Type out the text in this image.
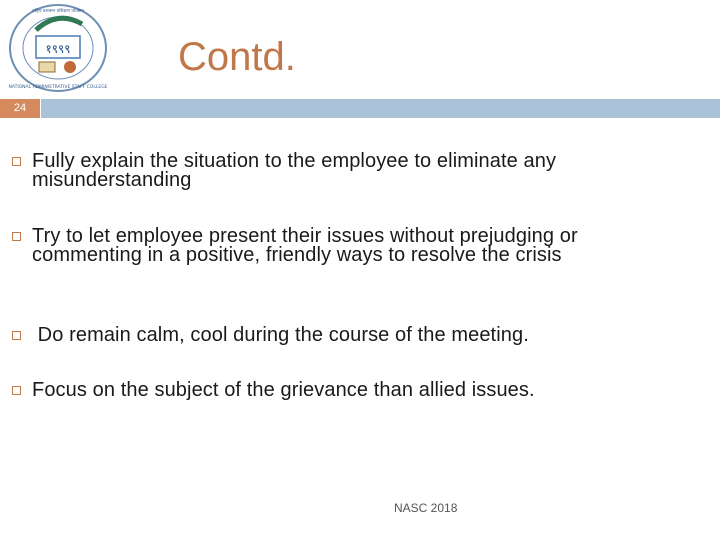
१९९९
NATIONAL ADMINISTRATIVE STAFF COLLEGE
राष्ट्रिय प्रशासन प्रशिक्षण प्रतिष्ठान
Contd.
24
Fully explain the situation to the employee to eliminate any misunderstanding
Try to let employee present their issues without prejudging or commenting in a positive, friendly ways to resolve the crisis
Do remain calm, cool during the course of the meeting.
Focus on the subject of the grievance than allied issues.
NASC 2018
